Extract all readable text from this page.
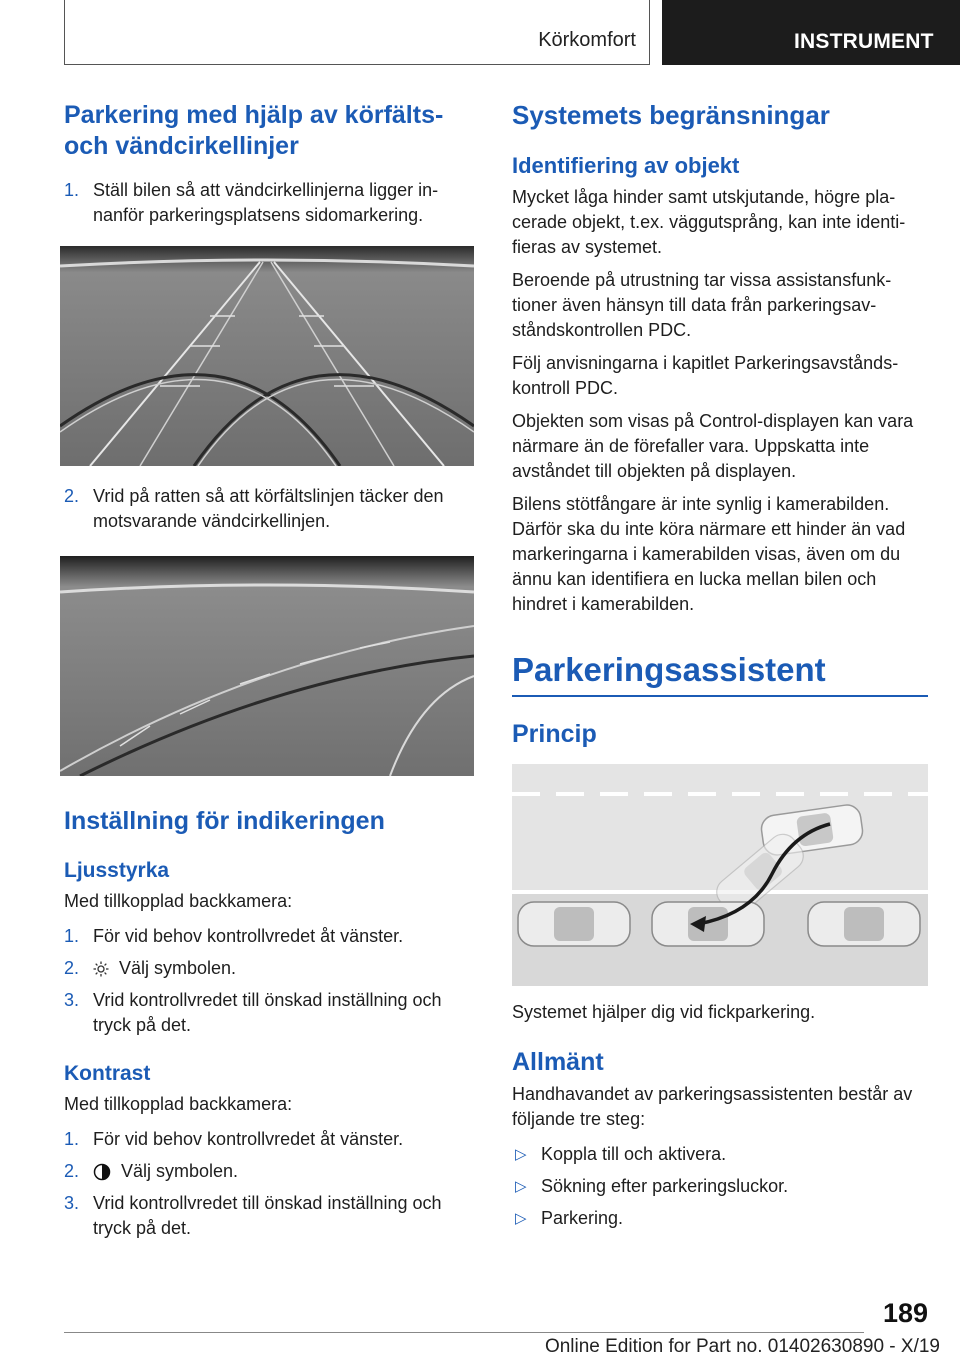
Körkomfort	INSTRUMENT
Parkering med hjälp av körfälts-och vändcirkellinjer
1. Ställ bilen så att vändcirkellinjerna ligger in-nanför parkeringsplatsens sidomarkering.
2. Vrid på ratten så att körfältslinjen täcker den motsvarande vändcirkellinjen.
Inställning för indikeringen
Ljusstyrka

Med tillkopplad backkamera:

1. För vid behov kontrollvredet åt vänster.
2. Välj symbolen.
3. Vrid kontrollvredet till önskad inställning och tryck på det.
Kontrast

Med tillkopplad backkamera:

1. För vid behov kontrollvredet åt vänster.
2. Välj symbolen.
3. Vrid kontrollvredet till önskad inställning och tryck på det.
Systemets begränsningar
Identifiering av objekt

Mycket låga hinder samt utskjutande, högre pla-cerade objekt, t.ex. väggutsprång, kan inte identi-fieras av systemet.

Beroende på utrustning tar vissa assistansfunk-tioner även hänsyn till data från parkeringsav-ståndskontrollen PDC.

Följ anvisningarna i kapitlet Parkeringsavstånds-kontroll PDC.

Objekten som visas på Control-displayen kan vara närmare än de förefaller vara. Uppskatta inte avståndet till objekten på displayen.

Bilens stötfångare är inte synlig i kamerabilden. Därför ska du inte köra närmare ett hinder än vad markeringarna i kamerabilden visas, även om du ännu kan identifiera en lucka mellan bilen och hindret i kamerabilden.

Parkeringsassistent
Princip

Systemet hjälper dig vid fickparkering.

Allmänt

Handhavandet av parkeringsassistenten består av följande tre steg:

▷ Koppla till och aktivera.
▷ Sökning efter parkeringsluckor.
▷ Parkering.
189
Online Edition for Part no. 01402630890 - X/19
